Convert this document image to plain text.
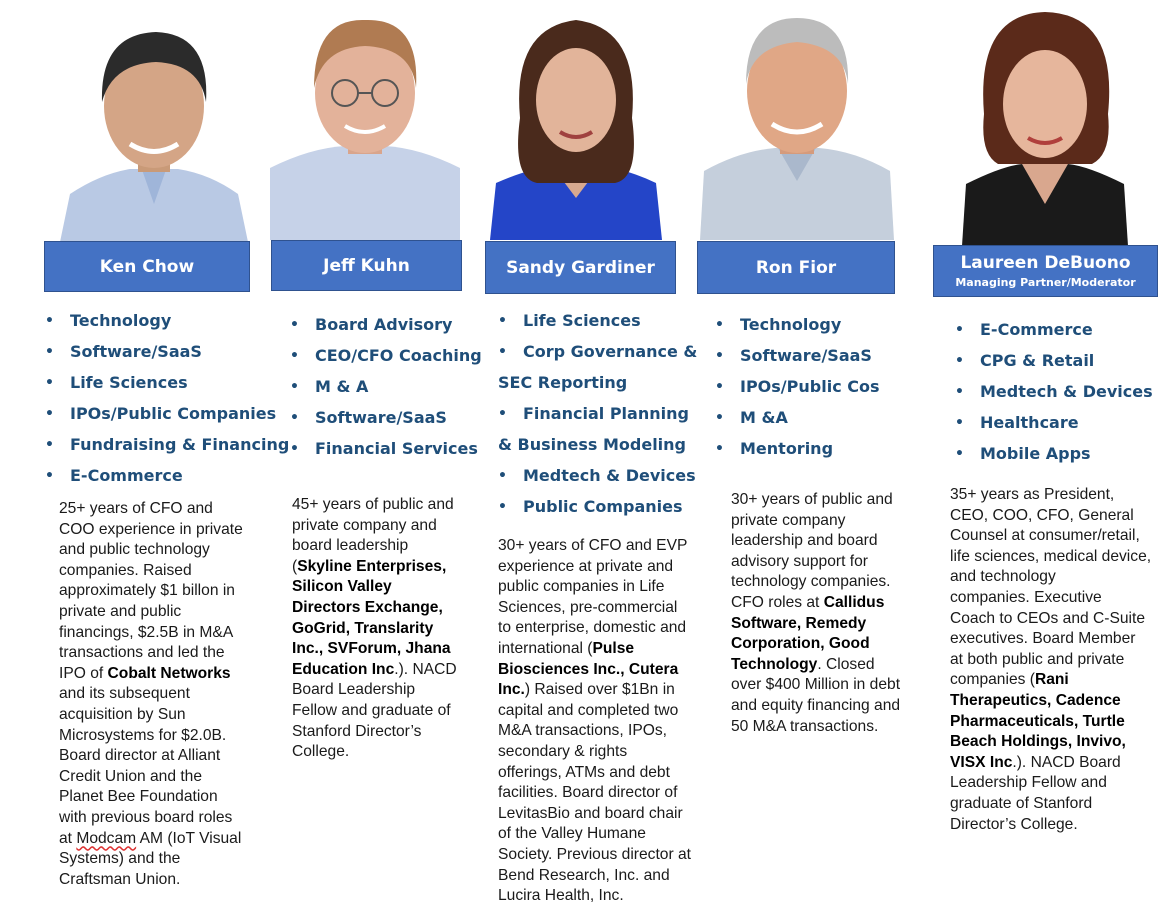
Ken Chow
• Technology
• Software/SaaS
• Life Sciences
• IPOs/Public Companies
• Fundraising & Financing
• E-Commerce
25+ years of CFO and
COO experience in private
and public technology
companies. Raised
approximately $1 billon in
private and public
financings, $2.5B in M&A
transactions and led the
IPO of Cobalt Networks
and its subsequent
acquisition by Sun
Microsystems for $2.0B.
Board director at Alliant
Credit Union and the
Planet Bee Foundation
with previous board roles
at Modcam AM (IoT Visual
Systems) and the
Craftsman Union.
Jeff Kuhn
• Board Advisory
• CEO/CFO Coaching
• M & A
• Software/SaaS
• Financial Services
45+ years of public and
private company and
board leadership
(Skyline Enterprises,
Silicon Valley
Directors Exchange,
GoGrid, Translarity
Inc., SVForum, Jhana
Education Inc.). NACD
Board Leadership
Fellow and graduate of
Stanford Director’s
College.
Sandy Gardiner
• Life Sciences
• Corp Governance &
SEC Reporting
• Financial Planning
& Business Modeling
• Medtech & Devices
• Public Companies
30+ years of CFO and EVP
experience at private and
public companies in Life
Sciences, pre-commercial
to enterprise, domestic and
international (Pulse
Biosciences Inc., Cutera
Inc.) Raised over $1Bn in
capital and completed two
M&A transactions, IPOs,
secondary & rights
offerings, ATMs and debt
facilities. Board director of
LevitasBio and board chair
of the Valley Humane
Society. Previous director at
Bend Research, Inc. and
Lucira Health, Inc.
Ron Fior
• Technology
• Software/SaaS
• IPOs/Public Cos
• M &A
• Mentoring
30+ years of public and
private company
leadership and board
advisory support for
technology companies.
CFO roles at Callidus
Software, Remedy
Corporation, Good
Technology. Closed
over $400 Million in debt
and equity financing and
50 M&A transactions.
Laureen DeBuono
Managing Partner/Moderator
• E-Commerce
• CPG & Retail
• Medtech & Devices
• Healthcare
• Mobile Apps
35+ years as President,
CEO, COO, CFO, General
Counsel at consumer/retail,
life sciences, medical device,
and technology
companies. Executive
Coach to CEOs and C-Suite
executives. Board Member
at both public and private
companies (Rani
Therapeutics, Cadence
Pharmaceuticals, Turtle
Beach Holdings, Invivo,
VISX Inc.). NACD Board
Leadership Fellow and
graduate of Stanford
Director’s College.
